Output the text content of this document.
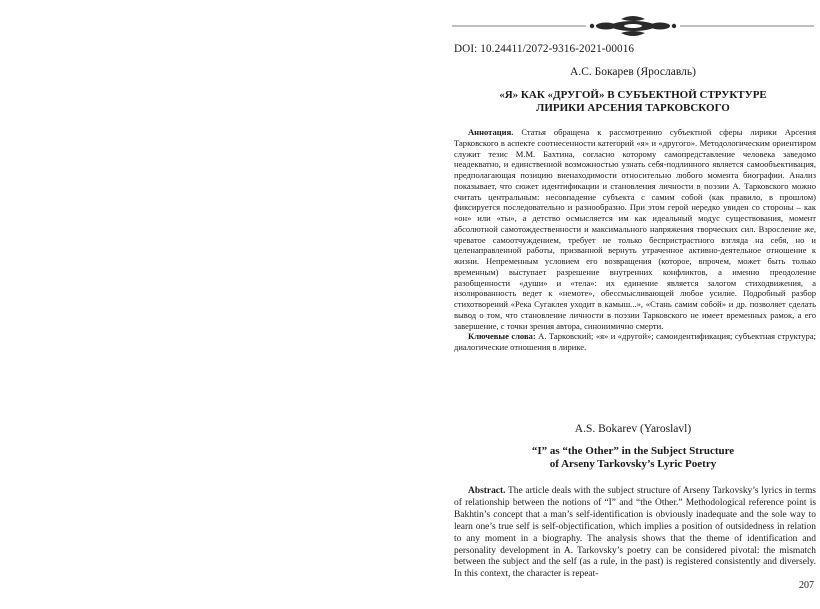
DOI: 10.24411/2072-9316-2021-00016
А.С. Бокарев (Ярославль)
«Я» КАК «ДРУГОЙ» В СУБЪЕКТНОЙ СТРУКТУРЕ
ЛИРИКИ АРСЕНИЯ ТАРКОВСКОГО

Аннотация. Статья обращена к рассмотрению субъектной сферы лирики Арсения Тарковского в аспекте соотнесенности категорий «я» и «другого». Методологическим ориентиром служит тезис М.М. Бахтина, согласно которому самопредставление человека заведомо неадекватно, и единственной возможностью узнать себя-подлинного является самообъективация, предполагающая позицию вненаходимости относительно любого момента биографии. Анализ показывает, что сюжет идентификации и становления личности в поэзии А. Тарковского можно считать центральным: несовпадение субъекта с самим собой (как правило, в прошлом) фиксируется последовательно и разнообразно. При этом герой нередко увиден со стороны – как «он» или «ты», а детство осмысляется им как идеальный модус существования, момент абсолютной самотождественности и максимального напряжения творческих сил. Взросление же, чреватое самоотчуждением, требует не только беспристрастного взгляда на себя, но и целенаправленной работы, призванной вернуть утраченное активно-деятельное отношение к жизни. Непременным условием его возвращения (которое, впрочем, может быть только временным) выступает разрешение внутренних конфликтов, а именно преодоление разобщенности «души» и «тела»: их единение является залогом стиходвижения, а изолированность ведет к «немоте», обессмысливающей любое усилие. Подробный разбор стихотворений «Река Сугаклея уходит в камыш...», «Стань самим собой» и др. позволяет сделать вывод о том, что становление личности в поэзии Тарковского не имеет временных рамок, а его завершение, с точки зрения автора, синонимично смерти.

Ключевые слова: А. Тарковский; «я» и «другой»; самоидентификация; субъектная структура; диалогические отношения в лирике.

A.S. Bokarev (Yaroslavl)
“I” as “the Other” in the Subject Structure
of Arseny Tarkovsky’s Lyric Poetry

Abstract. The article deals with the subject structure of Arseny Tarkovsky’s lyrics in terms of relationship between the notions of “I” and “the Other.” Methodological reference point is Bakhtin’s concept that a man’s self-identification is obviously inadequate and the sole way to learn one’s true self is self-objectification, which implies a position of outsidedness in relation to any moment in a biography. The analysis shows that the theme of identification and personality development in A. Tarkovsky’s poetry can be considered pivotal: the mismatch between the subject and the self (as a rule, in the past) is registered consistently and diversely. In this context, the character is repeat-

207
